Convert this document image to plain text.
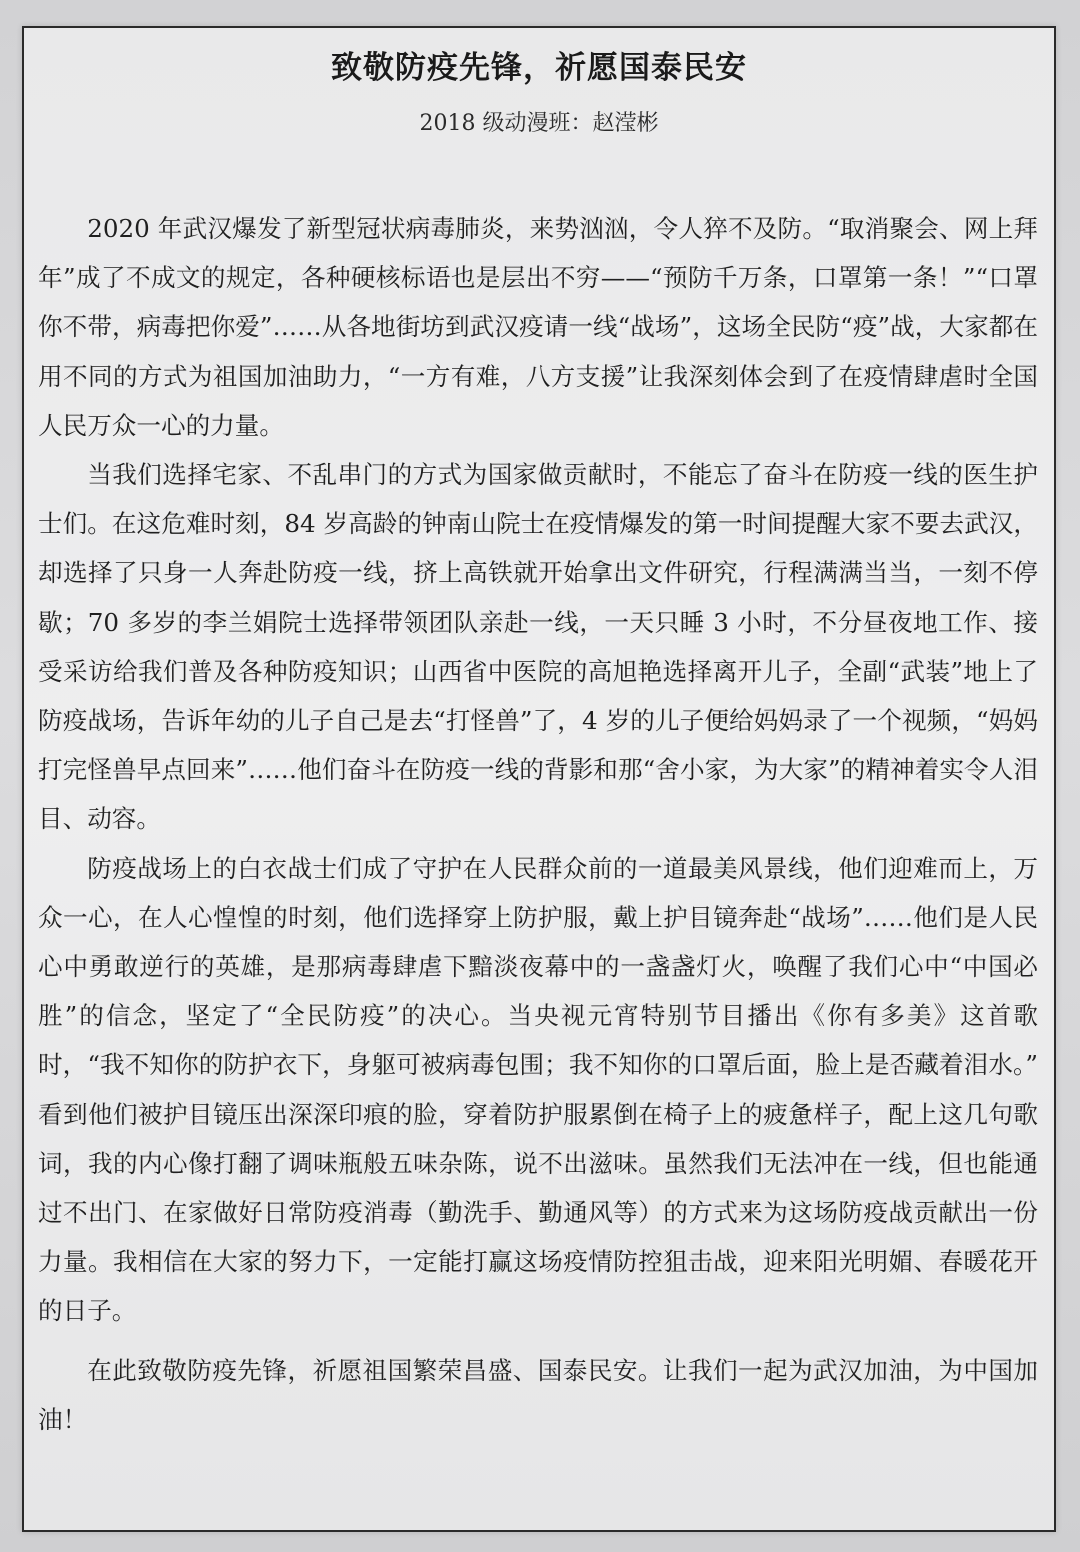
致敬防疫先锋，祈愿国泰民安
2018 级动漫班：赵滢彬

2020 年武汉爆发了新型冠状病毒肺炎，来势汹汹，令人猝不及防。“取消聚会、网上拜年”成了不成文的规定，各种硬核标语也是层出不穷——“预防千万条，口罩第一条！”“口罩你不带，病毒把你爱”……从各地街坊到武汉疫请一线“战场”，这场全民防“疫”战，大家都在用不同的方式为祖国加油助力，“一方有难，八方支援”让我深刻体会到了在疫情肆虐时全国人民万众一心的力量。

当我们选择宅家、不乱串门的方式为国家做贡献时，不能忘了奋斗在防疫一线的医生护士们。在这危难时刻，84 岁高龄的钟南山院士在疫情爆发的第一时间提醒大家不要去武汉，却选择了只身一人奔赴防疫一线，挤上高铁就开始拿出文件研究，行程满满当当，一刻不停歇；70 多岁的李兰娟院士选择带领团队亲赴一线，一天只睡 3 小时，不分昼夜地工作、接受采访给我们普及各种防疫知识；山西省中医院的高旭艳选择离开儿子，全副“武装”地上了防疫战场，告诉年幼的儿子自己是去“打怪兽”了，4 岁的儿子便给妈妈录了一个视频，“妈妈打完怪兽早点回来”……他们奋斗在防疫一线的背影和那“舍小家，为大家”的精神着实令人泪目、动容。

防疫战场上的白衣战士们成了守护在人民群众前的一道最美风景线，他们迎难而上，万众一心，在人心惶惶的时刻，他们选择穿上防护服，戴上护目镜奔赴“战场”……他们是人民心中勇敢逆行的英雄，是那病毒肆虐下黯淡夜幕中的一盏盏灯火，唤醒了我们心中“中国必胜”的信念，坚定了“全民防疫”的决心。当央视元宵特别节目播出《你有多美》这首歌时，“我不知你的防护衣下，身躯可被病毒包围；我不知你的口罩后面，脸上是否藏着泪水。” 看到他们被护目镜压出深深印痕的脸，穿着防护服累倒在椅子上的疲惫样子，配上这几句歌词，我的内心像打翻了调味瓶般五味杂陈，说不出滋味。虽然我们无法冲在一线，但也能通过不出门、在家做好日常防疫消毒（勤洗手、勤通风等）的方式来为这场防疫战贡献出一份力量。我相信在大家的努力下，一定能打赢这场疫情防控狙击战，迎来阳光明媚、春暖花开的日子。

在此致敬防疫先锋，祈愿祖国繁荣昌盛、国泰民安。让我们一起为武汉加油，为中国加油！
